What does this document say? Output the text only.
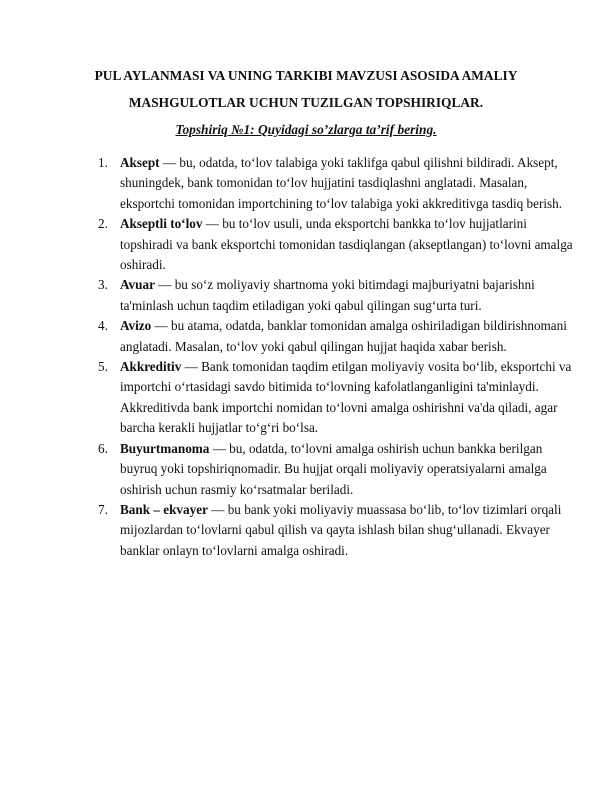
PUL AYLANMASI VA UNING TARKIBI MAVZUSI ASOSIDA AMALIY MASHGULOTLAR UCHUN TUZILGAN TOPSHIRIQLAR.

Topshiriq №1: Quyidagi so’zlarga ta’rif bering.

1. Aksept — bu, odatda, to‘lov talabiga yoki taklifga qabul qilishni bildiradi. Aksept, shuningdek, bank tomonidan to‘lov hujjatini tasdiqlashni anglatadi. Masalan, eksportchi tomonidan importchining to‘lov talabiga yoki akkreditivga tasdiq berish.
2. Akseptli to‘lov — bu to‘lov usuli, unda eksportchi bankka to‘lov hujjatlarini topshiradi va bank eksportchi tomonidan tasdiqlangan (akseptlangan) to‘lovni amalga oshiradi.
3. Avuar — bu so‘z moliyaviy shartnoma yoki bitimdagi majburiyatni bajarishni ta'minlash uchun taqdim etiladigan yoki qabul qilingan sug‘urta turi.
4. Avizo — bu atama, odatda, banklar tomonidan amalga oshiriladigan bildirishnomani anglatadi. Masalan, to‘lov yoki qabul qilingan hujjat haqida xabar berish.
5. Akkreditiv — Bank tomonidan taqdim etilgan moliyaviy vosita bo‘lib, eksportchi va importchi o‘rtasidagi savdo bitimida to‘lovning kafolatlanganligini ta'minlaydi. Akkreditivda bank importchi nomidan to‘lovni amalga oshirishni va'da qiladi, agar barcha kerakli hujjatlar to‘g‘ri bo‘lsa.
6. Buyurtmanoma — bu, odatda, to‘lovni amalga oshirish uchun bankka berilgan buyruq yoki topshiriqnomadir. Bu hujjat orqali moliyaviy operatsiyalarni amalga oshirish uchun rasmiy ko‘rsatmalar beriladi.
7. Bank – ekvayer — bu bank yoki moliyaviy muassasa bo‘lib, to‘lov tizimlari orqali mijozlardan to‘lovlarni qabul qilish va qayta ishlash bilan shug‘ullanadi. Ekvayer banklar onlayn to‘lovlarni amalga oshiradi.
